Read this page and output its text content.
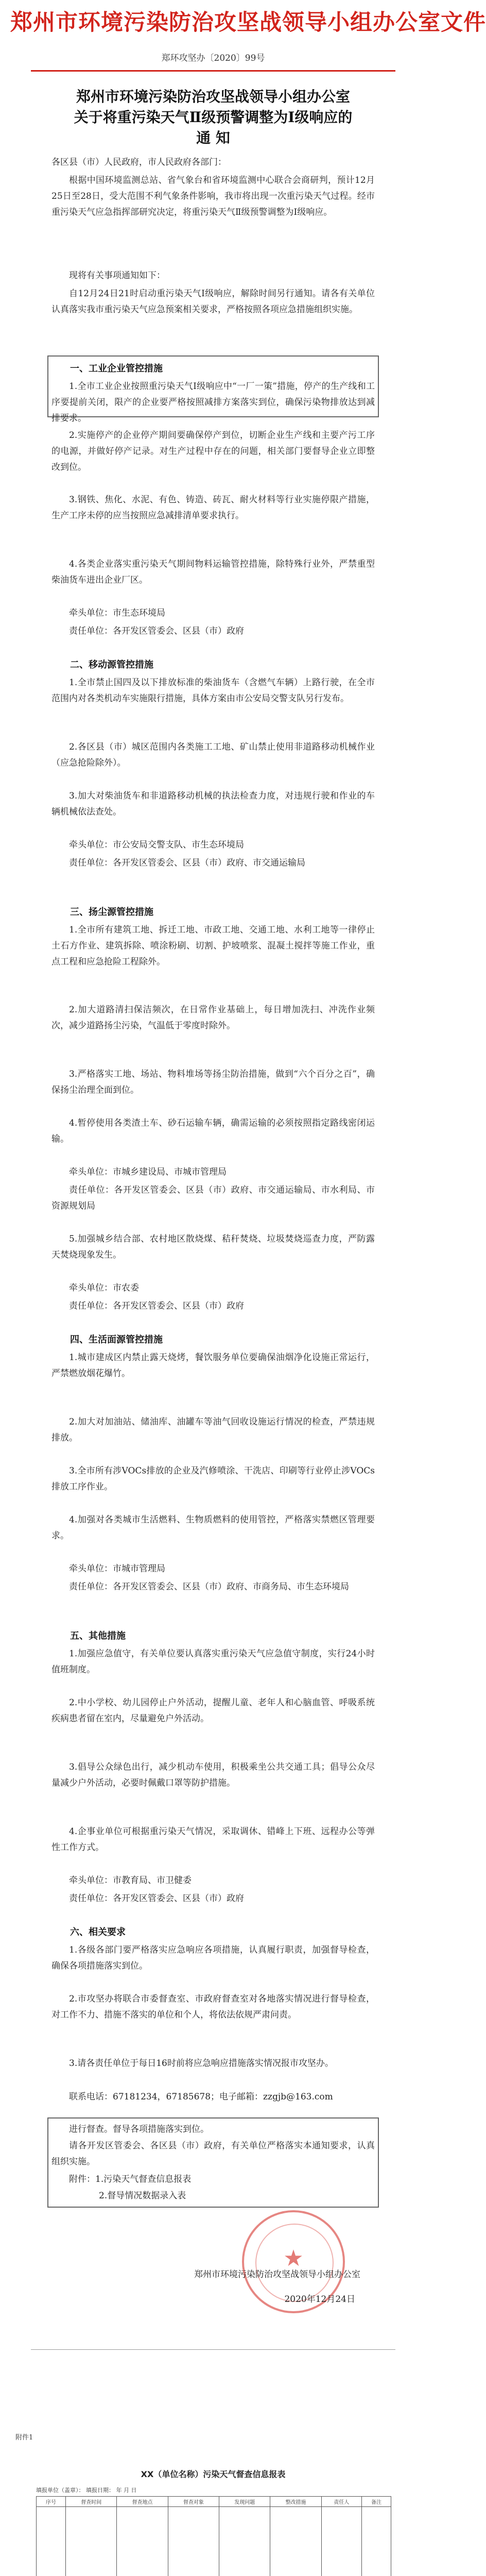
郑州市环境污染防治攻坚战领导小组办公室文件
郑环攻坚办〔2020〕99号
郑州市环境污染防治攻坚战领导小组办公室
关于将重污染天气Ⅱ级预警调整为Ⅰ级响应的
通 知

各区县（市）人民政府，市人民政府各部门：

根据中国环境监测总站、省气象台和省环境监测中心联合会商研判，预计12月25日至28日，受大范围不利气象条件影响，我市将出现一次重污染天气过程。经市重污染天气应急指挥部研究决定，将重污染天气Ⅱ级预警调整为Ⅰ级响应。

现将有关事项通知如下：

自12月24日21时启动重污染天气Ⅰ级响应，解除时间另行通知。请各有关单位认真落实我市重污染天气应急预案相关要求，严格按照各项应急措施组织实施。

一、工业企业管控措施

1.全市工业企业按照重污染天气Ⅰ级响应中“一厂一策”措施，停产的生产线和工序要提前关闭，限产的企业要严格按照减排方案落实到位，确保污染物排放达到减排要求。

2.实施停产的企业停产期间要确保停产到位，切断企业生产线和主要产污工序的电源，并做好停产记录。对生产过程中存在的问题，相关部门要督导企业立即整改到位。

3.钢铁、焦化、水泥、有色、铸造、砖瓦、耐火材料等行业实施停限产措施，生产工序未停的应当按照应急减排清单要求执行。

4.各类企业落实重污染天气期间物料运输管控措施，除特殊行业外，严禁重型柴油货车进出企业厂区。

牵头单位：市生态环境局

责任单位：各开发区管委会、区县（市）政府

二、移动源管控措施

1.全市禁止国四及以下排放标准的柴油货车（含燃气车辆）上路行驶，在全市范围内对各类机动车实施限行措施，具体方案由市公安局交警支队另行发布。

2.各区县（市）城区范围内各类施工工地、矿山禁止使用非道路移动机械作业（应急抢险除外）。

3.加大对柴油货车和非道路移动机械的执法检查力度，对违规行驶和作业的车辆机械依法查处。

牵头单位：市公安局交警支队、市生态环境局

责任单位：各开发区管委会、区县（市）政府、市交通运输局

三、扬尘源管控措施

1.全市所有建筑工地、拆迁工地、市政工地、交通工地、水利工地等一律停止土石方作业、建筑拆除、喷涂粉刷、切割、护坡喷浆、混凝土搅拌等施工作业，重点工程和应急抢险工程除外。

2.加大道路清扫保洁频次，在日常作业基础上，每日增加洗扫、冲洗作业频次，减少道路扬尘污染，气温低于零度时除外。

3.严格落实工地、场站、物料堆场等扬尘防治措施，做到“六个百分之百”，确保扬尘治理全面到位。

4.暂停使用各类渣土车、砂石运输车辆，确需运输的必须按照指定路线密闭运输。

牵头单位：市城乡建设局、市城市管理局

责任单位：各开发区管委会、区县（市）政府、市交通运输局、市水利局、市资源规划局

5.加强城乡结合部、农村地区散烧煤、秸秆焚烧、垃圾焚烧巡查力度，严防露天焚烧现象发生。

牵头单位：市农委

责任单位：各开发区管委会、区县（市）政府

四、生活面源管控措施

1.城市建成区内禁止露天烧烤，餐饮服务单位要确保油烟净化设施正常运行，严禁燃放烟花爆竹。

2.加大对加油站、储油库、油罐车等油气回收设施运行情况的检查，严禁违规排放。

3.全市所有涉VOCs排放的企业及汽修喷涂、干洗店、印刷等行业停止涉VOCs排放工序作业。

4.加强对各类城市生活燃料、生物质燃料的使用管控，严格落实禁燃区管理要求。

牵头单位：市城市管理局

责任单位：各开发区管委会、区县（市）政府、市商务局、市生态环境局

五、其他措施

1.加强应急值守，有关单位要认真落实重污染天气应急值守制度，实行24小时值班制度。

2.中小学校、幼儿园停止户外活动，提醒儿童、老年人和心脑血管、呼吸系统疾病患者留在室内，尽量避免户外活动。

3.倡导公众绿色出行，减少机动车使用，积极乘坐公共交通工具；倡导公众尽量减少户外活动，必要时佩戴口罩等防护措施。

4.企事业单位可根据重污染天气情况，采取调休、错峰上下班、远程办公等弹性工作方式。

牵头单位：市教育局、市卫健委

责任单位：各开发区管委会、区县（市）政府

六、相关要求

1.各级各部门要严格落实应急响应各项措施，认真履行职责，加强督导检查，确保各项措施落实到位。

2.市攻坚办将联合市委督查室、市政府督查室对各地落实情况进行督导检查，对工作不力、措施不落实的单位和个人，将依法依规严肃问责。

3.请各责任单位于每日16时前将应急响应措施落实情况报市攻坚办。

联系电话：67181234，67185678；电子邮箱：zzgjb@163.com

进行督查。督导各项措施落实到位。

请各开发区管委会、各区县（市）政府，有关单位严格落实本通知要求，认真组织实施。

附件：1.污染天气督查信息报表

2.督导情况数据录入表

★

郑州市环境污染防治攻坚战领导小组办公室

2020年12月24日
附件1
XX（单位名称）污染天气督查信息报表
填报单位（盖章）： 填报日期： 年 月 日
序号	督查时间	督查地点	督查对象	发现问题	整改措施	责任人	备注
